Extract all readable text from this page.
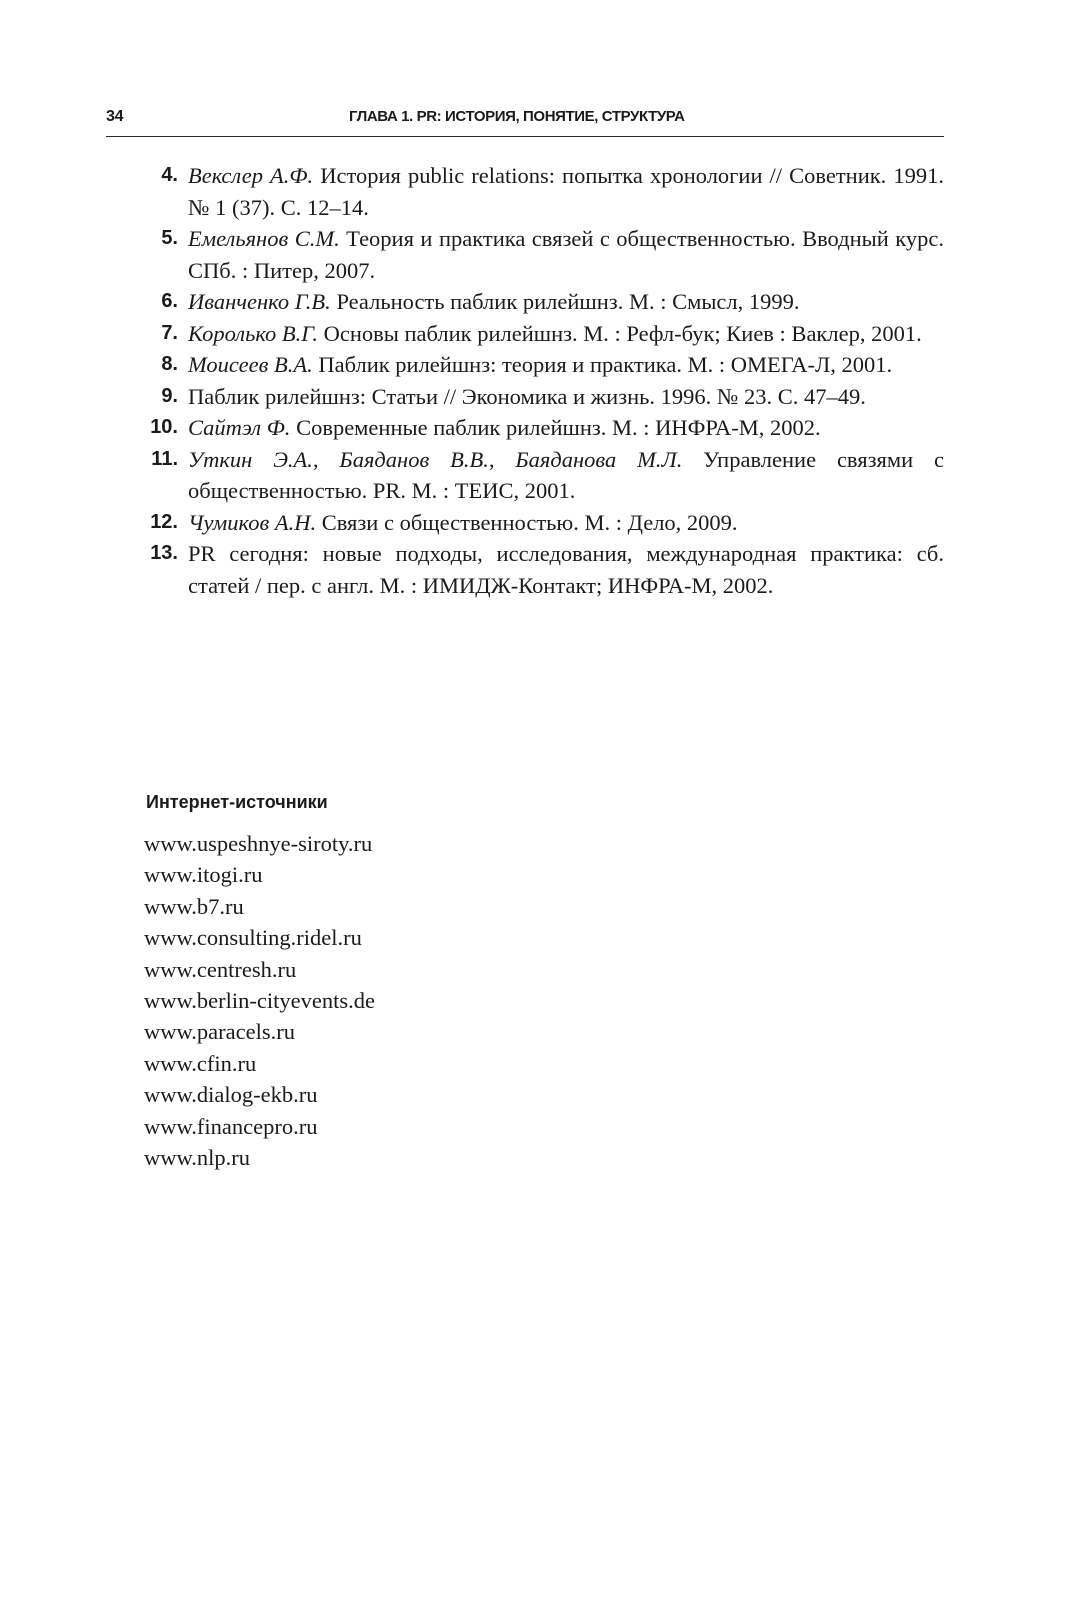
34	ГЛАВА 1. PR: ИСТОРИЯ, ПОНЯТИЕ, СТРУКТУРА
4. Векслер А.Ф. История public relations: попытка хронологии // Советник. 1991. № 1 (37). С. 12–14.
5. Емельянов С.М. Теория и практика связей с общественностью. Вводный курс. СПб. : Питер, 2007.
6. Иванченко Г.В. Реальность паблик рилейшнз. М. : Смысл, 1999.
7. Королько В.Г. Основы паблик рилейшнз. М. : Рефл-бук; Киев : Ваклер, 2001.
8. Моисеев В.А. Паблик рилейшнз: теория и практика. М. : ОМЕГА-Л, 2001.
9. Паблик рилейшнз: Статьи // Экономика и жизнь. 1996. № 23. С. 47–49.
10. Сайтэл Ф. Современные паблик рилейшнз. М. : ИНФРА-М, 2002.
11. Уткин Э.А., Баяданов В.В., Баяданова М.Л. Управление связями с общественностью. PR. М. : ТЕИС, 2001.
12. Чумиков А.Н. Связи с общественностью. М. : Дело, 2009.
13. PR сегодня: новые подходы, исследования, международная практика: сб. статей / пер. с англ. М. : ИМИДЖ-Контакт; ИНФРА-М, 2002.
Интернет-источники
www.uspeshnye-siroty.ru
www.itogi.ru
www.b7.ru
www.consulting.ridel.ru
www.centresh.ru
www.berlin-cityevents.de
www.paracels.ru
www.cfin.ru
www.dialog-ekb.ru
www.financepro.ru
www.nlp.ru
